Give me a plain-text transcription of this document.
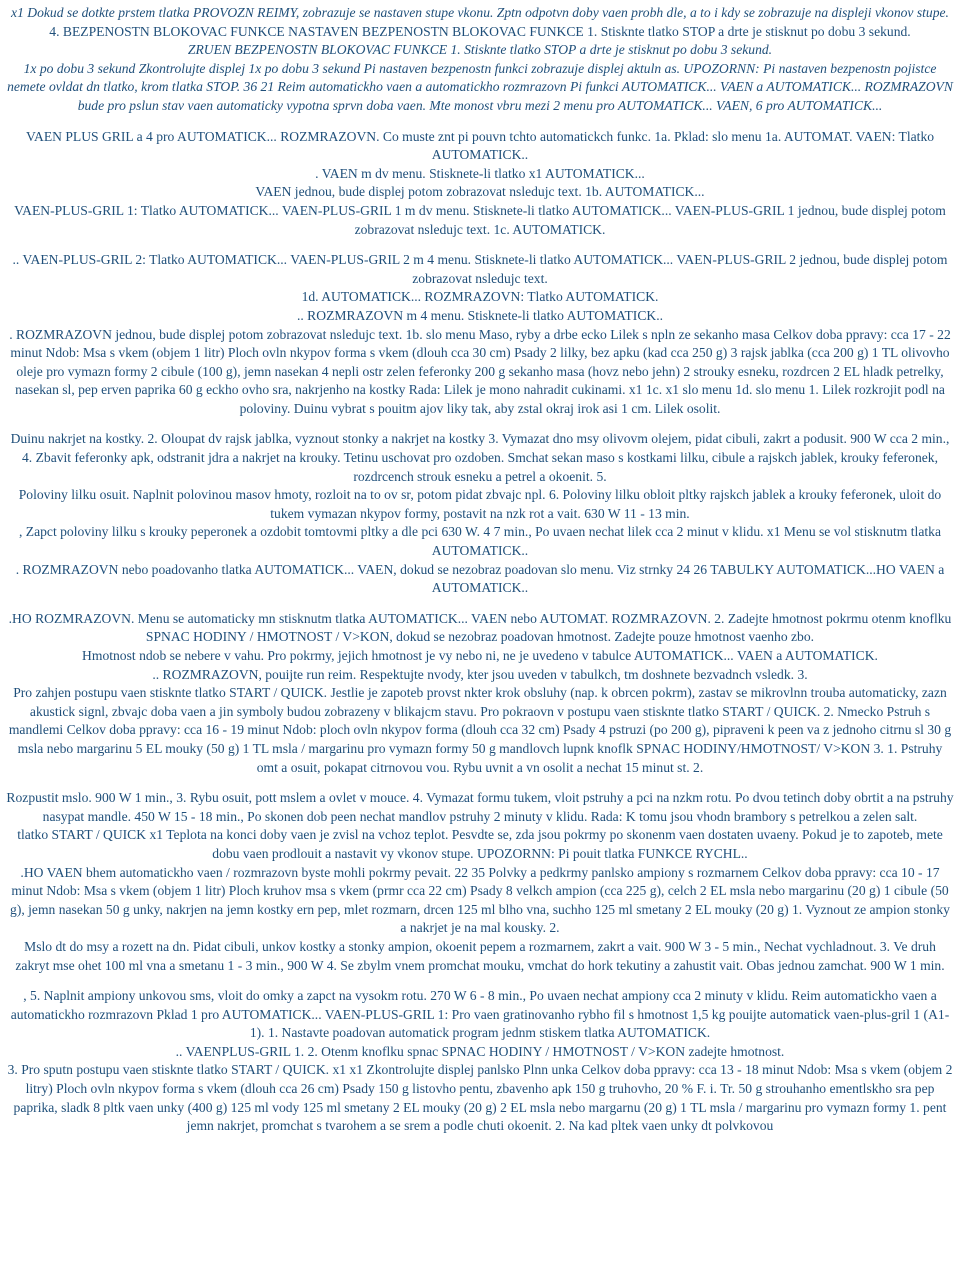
x1 Dokud se dotkte prstem tlatka PROVOZN REIMY, zobrazuje se nastaven stupe vkonu. Zptn odpotvn doby vaen probh dle, a to i kdy se zobrazuje na displeji vkonov stupe.

4. BEZPENOSTN BLOKOVAC FUNKCE NASTAVEN BEZPENOSTN BLOKOVAC FUNKCE 1. Stisknte tlatko STOP a drte je stisknut po dobu 3 sekund.

ZRUEN BEZPENOSTN BLOKOVAC FUNKCE 1. Stisknte tlatko STOP a drte je stisknut po dobu 3 sekund.

1x po dobu 3 sekund Zkontrolujte displej 1x po dobu 3 sekund Pi nastaven bezpenostn funkci zobrazuje displej aktuln as. UPOZORNN: Pi nastaven bezpenostn pojistce nemete ovldat dn tlatko, krom tlatka STOP. 36 21 Reim automatickho vaen a automatickho rozmrazovn Pi funkci AUTOMATICK... VAEN a AUTOMATICK... ROZMRAZOVN bude pro pslun stav vaen automaticky vypotna sprvn doba vaen. Mte monost vbru mezi 2 menu pro AUTOMATICK... VAEN, 6 pro AUTOMATICK...

VAEN PLUS GRIL a 4 pro AUTOMATICK... ROZMRAZOVN. Co muste znt pi pouvn tchto automatickch funkc. 1a. Pklad: slo menu 1a. AUTOMAT. VAEN: Tlatko AUTOMATICK..

. VAEN m dv menu. Stisknete-li tlatko x1 AUTOMATICK...

VAEN jednou, bude displej potom zobrazovat nsledujc text. 1b. AUTOMATICK...

VAEN-PLUS-GRIL 1: Tlatko AUTOMATICK... VAEN-PLUS-GRIL 1 m dv menu. Stisknete-li tlatko AUTOMATICK... VAEN-PLUS-GRIL 1 jednou, bude displej potom zobrazovat nsledujc text. 1c. AUTOMATICK.

.. VAEN-PLUS-GRIL 2: Tlatko AUTOMATICK... VAEN-PLUS-GRIL 2 m 4 menu. Stisknete-li tlatko AUTOMATICK... VAEN-PLUS-GRIL 2 jednou, bude displej potom zobrazovat nsledujc text.

1d. AUTOMATICK... ROZMRAZOVN: Tlatko AUTOMATICK.

.. ROZMRAZOVN m 4 menu. Stisknete-li tlatko AUTOMATICK..

. ROZMRAZOVN jednou, bude displej potom zobrazovat nsledujc text. 1b. slo menu Maso, ryby a drbe ecko Lilek s npln ze sekanho masa Celkov doba ppravy: cca 17 - 22 minut Ndob: Msa s vkem (objem 1 litr) Ploch ovln nkypov forma s vkem (dlouh cca 30 cm) Psady 2 lilky, bez apku (kad cca 250 g) 3 rajsk jablka (cca 200 g) 1 TL olivovho oleje pro vymazn formy 2 cibule (100 g), jemn nasekan 4 nepli ostr zelen feferonky 200 g sekanho masa (hovz nebo jehn) 2 strouky esneku, rozdrcen 2 EL hladk petrelky, nasekan sl, pep erven paprika 60 g eckho ovho sra, nakrjenho na kostky Rada: Lilek je mono nahradit cukinami. x1 1c. x1 slo menu 1d. slo menu 1. Lilek rozkrojit podl na poloviny. Duinu vybrat s pouitm ajov liky tak, aby zstal okraj irok asi 1 cm. Lilek osolit.

Duinu nakrjet na kostky. 2. Oloupat dv rajsk jablka, vyznout stonky a nakrjet na kostky 3. Vymazat dno msy olivovm olejem, pidat cibuli, zakrt a podusit. 900 W cca 2 min., 4. Zbavit feferonky apk, odstranit jdra a nakrjet na krouky. Tetinu uschovat pro ozdoben. Smchat sekan maso s kostkami lilku, cibule a rajskch jablek, krouky feferonek, rozdrcench strouk esneku a petrel a okoenit. 5.

Poloviny lilku osuit. Naplnit polovinou masov hmoty, rozloit na to ov sr, potom pidat zbvajc npl. 6. Poloviny lilku obloit pltky rajskch jablek a krouky feferonek, uloit do tukem vymazan nkypov formy, postavit na nzk rot a vait. 630 W 11 - 13 min.

, Zapct poloviny lilku s krouky peperonek a ozdobit tomtovmi pltky a dle pci 630 W. 4 7 min., Po uvaen nechat lilek cca 2 minut v klidu. x1 Menu se vol stisknutm tlatka AUTOMATICK..

. ROZMRAZOVN nebo poadovanho tlatka AUTOMATICK... VAEN, dokud se nezobraz poadovan slo menu. Viz strnky 24 26 TABULKY AUTOMATICK...HO VAEN a AUTOMATICK..

.HO ROZMRAZOVN. Menu se automaticky mn stisknutm tlatka AUTOMATICK... VAEN nebo AUTOMAT. ROZMRAZOVN. 2. Zadejte hmotnost pokrmu otenm knoflku SPNAC HODINY / HMOTNOST / V>KON, dokud se nezobraz poadovan hmotnost. Zadejte pouze hmotnost vaenho zbo.

Hmotnost ndob se nebere v vahu. Pro pokrmy, jejich hmotnost je vy nebo ni, ne je uvedeno v tabulce AUTOMATICK... VAEN a AUTOMATICK.

.. ROZMRAZOVN, pouijte run reim. Respektujte nvody, kter jsou uveden v tabulkch, tm doshnete bezvadnch vsledk. 3.

Pro zahjen postupu vaen stisknte tlatko START / QUICK. Jestlie je zapoteb provst nkter krok obsluhy (nap. k obrcen pokrm), zastav se mikrovlnn trouba automaticky, zazn akustick signl, zbvajc doba vaen a jin symboly budou zobrazeny v blikajcm stavu. Pro pokraovn v postupu vaen stisknte tlatko START / QUICK. 2. Nmecko Pstruh s mandlemi Celkov doba ppravy: cca 16 - 19 minut Ndob: ploch ovln nkypov forma (dlouh cca 32 cm) Psady 4 pstruzi (po 200 g), pipraveni k peen va z jednoho citrnu sl 30 g msla nebo margarinu 5 EL mouky (50 g) 1 TL msla / margarinu pro vymazn formy 50 g mandlovch lupnk knoflk SPNAC HODINY/HMOTNOST/ V>KON 3. 1. Pstruhy omt a osuit, pokapat citrnovou vou. Rybu uvnit a vn osolit a nechat 15 minut st. 2.

Rozpustit mslo. 900 W 1 min., 3. Rybu osuit, pott mslem a ovlet v mouce. 4. Vymazat formu tukem, vloit pstruhy a pci na nzkm rotu. Po dvou tetinch doby obrtit a na pstruhy nasypat mandle. 450 W 15 - 18 min., Po skonen dob peen nechat mandlov pstruhy 2 minuty v klidu. Rada: K tomu jsou vhodn brambory s petrelkou a zelen salt.

tlatko START / QUICK x1 Teplota na konci doby vaen je zvisl na vchoz teplot. Pesvdte se, zda jsou pokrmy po skonenm vaen dostaten uvaeny. Pokud je to zapoteb, mete dobu vaen prodlouit a nastavit vy vkonov stupe. UPOZORNN: Pi pouit tlatka FUNKCE RYCHL..

.HO VAEN bhem automatickho vaen / rozmrazovn byste mohli pokrmy pevait. 22 35 Polvky a pedkrmy panlsko ampiony s rozmarnem Celkov doba ppravy: cca 10 - 17 minut Ndob: Msa s vkem (objem 1 litr) Ploch kruhov msa s vkem (prmr cca 22 cm) Psady 8 velkch ampion (cca 225 g), celch 2 EL msla nebo margarinu (20 g) 1 cibule (50 g), jemn nasekan 50 g unky, nakrjen na jemn kostky ern pep, mlet rozmarn, drcen 125 ml blho vna, suchho 125 ml smetany 2 EL mouky (20 g) 1. Vyznout ze ampion stonky a nakrjet je na mal kousky. 2.

Mslo dt do msy a rozett na dn. Pidat cibuli, unkov kostky a stonky ampion, okoenit pepem a rozmarnem, zakrt a vait. 900 W 3 - 5 min., Nechat vychladnout. 3. Ve druh zakryt mse ohet 100 ml vna a smetanu 1 - 3 min., 900 W 4. Se zbylm vnem promchat mouku, vmchat do hork tekutiny a zahustit vait. Obas jednou zamchat. 900 W 1 min.

, 5. Naplnit ampiony unkovou sms, vloit do omky a zapct na vysokm rotu. 270 W 6 - 8 min., Po uvaen nechat ampiony cca 2 minuty v klidu. Reim automatickho vaen a automatickho rozmrazovn Pklad 1 pro AUTOMATICK... VAEN-PLUS-GRIL 1: Pro vaen gratinovanho rybho fil s hmotnost 1,5 kg pouijte automatick vaen-plus-gril 1 (A1-1). 1. Nastavte poadovan automatick program jednm stiskem tlatka AUTOMATICK.

.. VAENPLUS-GRIL 1. 2. Otenm knoflku spnac SPNAC HODINY / HMOTNOST / V>KON zadejte hmotnost.

3. Pro sputn postupu vaen stisknte tlatko START / QUICK. x1 x1 Zkontrolujte displej panlsko Plnn unka Celkov doba ppravy: cca 13 - 18 minut Ndob: Msa s vkem (objem 2 litry) Ploch ovln nkypov forma s vkem (dlouh cca 26 cm) Psady 150 g listovho pentu, zbavenho apk 150 g truhovho, 20 % F. i. Tr. 50 g strouhanho ementlskho sra pep paprika, sladk 8 pltk vaen unky (400 g) 125 ml vody 125 ml smetany 2 EL mouky (20 g) 2 EL msla nebo margarnu (20 g) 1 TL msla / margarinu pro vymazn formy 1. pent jemn nakrjet, promchat s tvarohem a se srem a podle chuti okoenit. 2. Na kad pltek vaen unky dt polvkovou
